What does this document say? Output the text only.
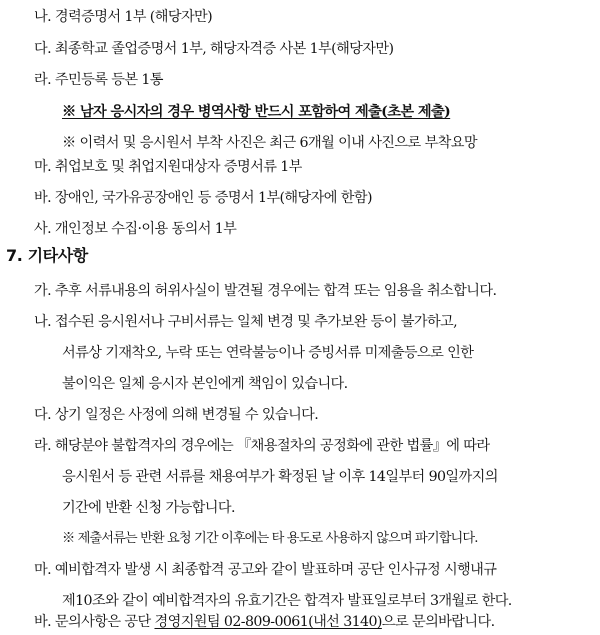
나. 경력증명서 1부 (해당자만)
다. 최종학교 졸업증명서 1부, 해당자격증 사본 1부(해당자만)
라. 주민등록 등본 1통
※ 남자 응시자의 경우 병역사항 반드시 포함하여 제출(초본 제출)
※ 이력서 및 응시원서 부착 사진은 최근 6개월 이내 사진으로 부착요망
마. 취업보호 및 취업지원대상자 증명서류 1부
바. 장애인, 국가유공장애인 등 증명서 1부(해당자에 한함)
사. 개인정보 수집·이용 동의서 1부
7. 기타사항
가. 추후 서류내용의 허위사실이 발견될 경우에는 합격 또는 임용을 취소합니다.
나. 접수된 응시원서나 구비서류는 일체 변경 및 추가보완 등이 불가하고,
서류상 기재착오, 누락 또는 연락불능이나 증빙서류 미제출등으로 인한
불이익은 일체 응시자 본인에게 책임이 있습니다.
다. 상기 일정은 사정에 의해 변경될 수 있습니다.
라. 해당분야 불합격자의 경우에는 『채용절차의 공정화에 관한 법률』에 따라
응시원서 등 관련 서류를 채용여부가 확정된 날 이후 14일부터 90일까지의
기간에 반환 신청 가능합니다.
※ 제출서류는 반환 요청 기간 이후에는 타 용도로 사용하지 않으며 파기합니다.
마. 예비합격자 발생 시 최종합격 공고와 같이 발표하며 공단 인사규정 시행내규
제10조와 같이 예비합격자의 유효기간은 합격자 발표일로부터 3개월로 한다.
바. 문의사항은 공단 경영지원팀 02-809-0061(내선 3140)으로 문의바랍니다.
